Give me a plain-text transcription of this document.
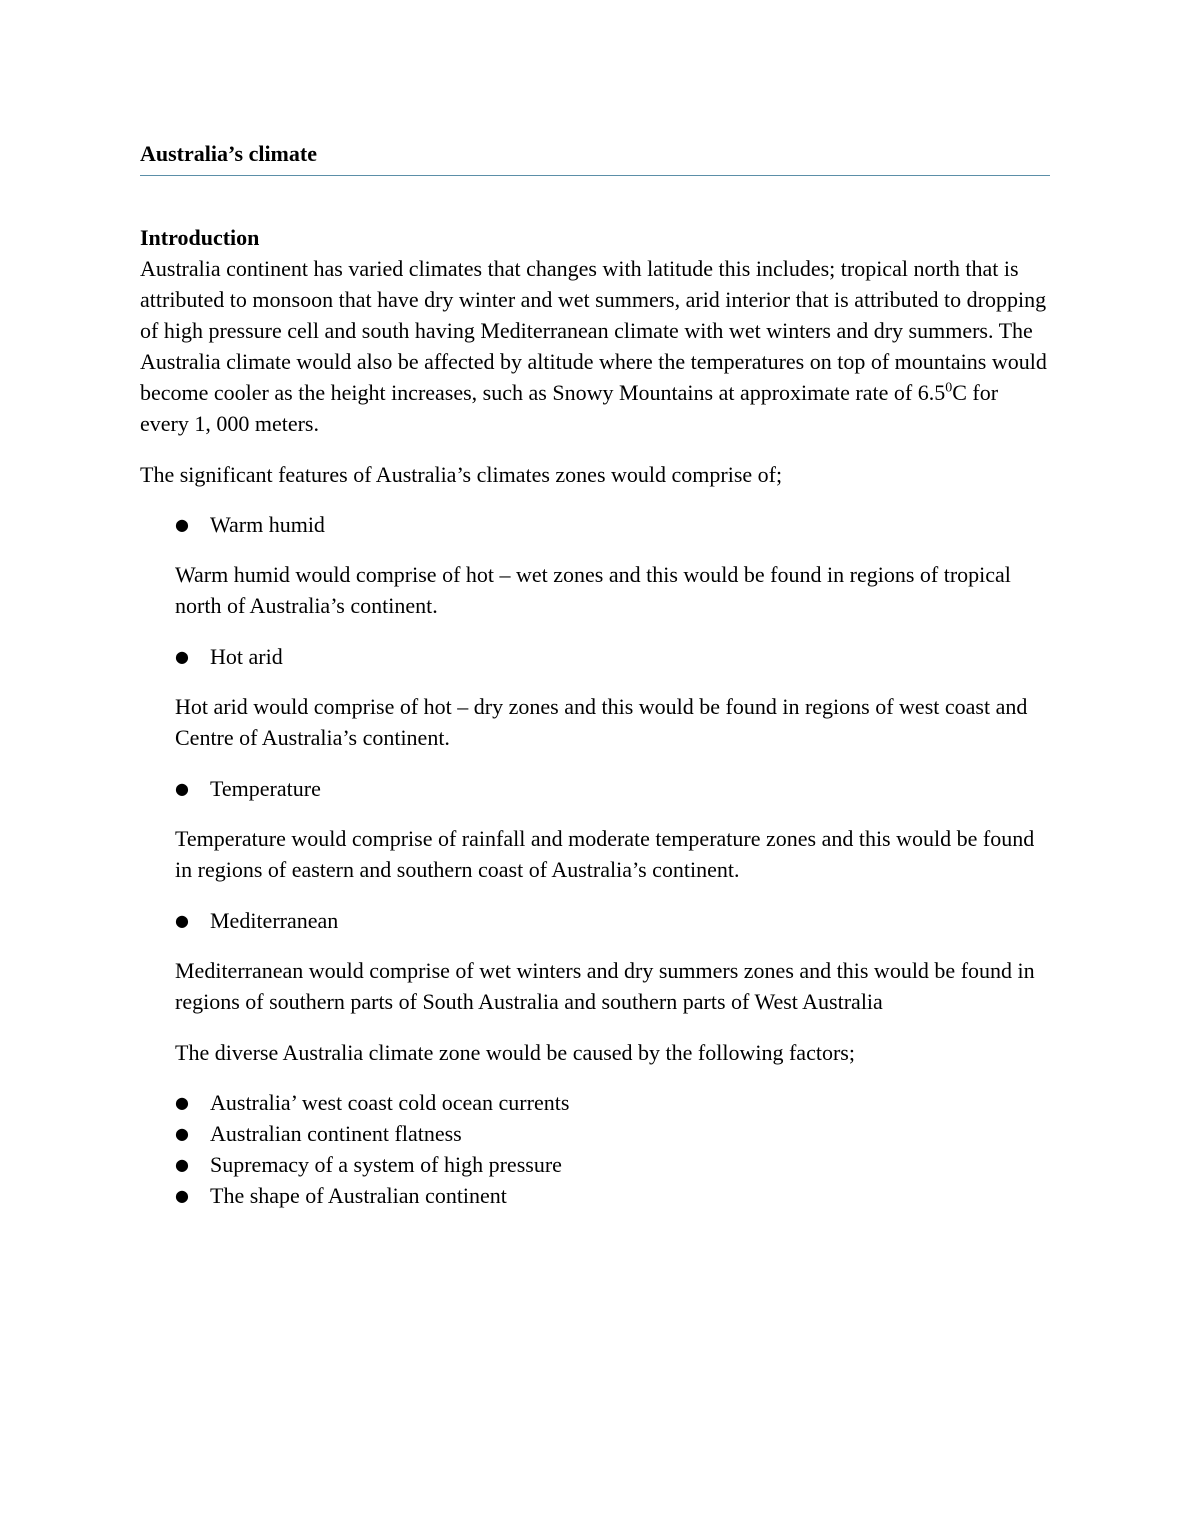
Australia’s climate

Introduction

Australia continent has varied climates that changes with latitude this includes; tropical north that is attributed to monsoon that have dry winter and wet summers, arid interior that is attributed to dropping of high pressure cell and south having Mediterranean climate with wet winters and dry summers. The Australia climate would also be affected by altitude where the temperatures on top of mountains would become cooler as the height increases, such as Snowy Mountains at approximate rate of $6.5^0C$ for every 1, 000 meters.

The significant features of Australia’s climates zones would comprise of;

● Warm humid

Warm humid would comprise of hot – wet zones and this would be found in regions of tropical north of Australia’s continent.

● Hot arid

Hot arid would comprise of hot – dry zones and this would be found in regions of west coast and Centre of Australia’s continent.

● Temperature

Temperature would comprise of rainfall and moderate temperature zones and this would be found in regions of eastern and southern coast of Australia’s continent.

● Mediterranean

Mediterranean would comprise of wet winters and dry summers zones and this would be found in regions of southern parts of South Australia and southern parts of West Australia

The diverse Australia climate zone would be caused by the following factors;

● Australia’ west coast cold ocean currents

● Australian continent flatness

● Supremacy of a system of high pressure

● The shape of Australian continent
